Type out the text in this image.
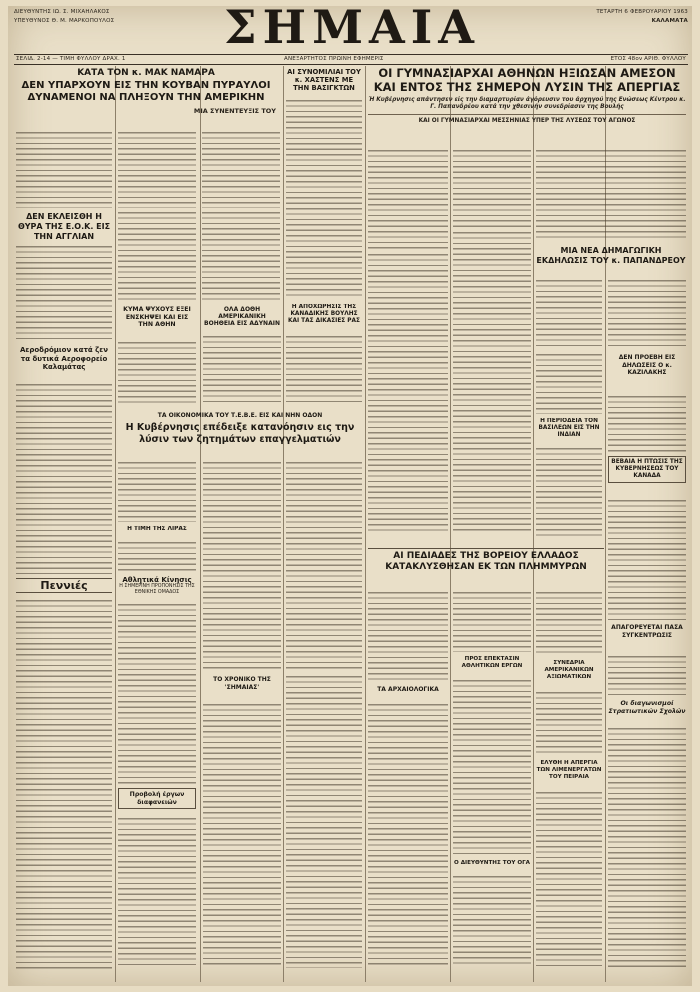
ΔΙΕΥΘΥΝΤΗΣ ΙΩ. Σ. ΜΙΧΑΗΛΑΚΟΣ
ΥΠΕΥΘΥΝΟΣ Θ. Μ. ΜΑΡΚΟΠΟΥΛΟΣ	ΣΗΜΑΙΑ	ΤΕΤΑΡΤΗ 6 ΦΕΒΡΟΥΑΡΙΟΥ 1963
ΚΑΛΑΜΑΤΑ
ΣΕΛΙΔ. 2-14 — ΤΙΜΗ ΦΥΛΛΟΥ ΔΡΑΧ. 1	ΑΝΕΞΑΡΤΗΤΟΣ ΠΡΩΙΝΗ ΕΦΗΜΕΡΙΣ	ΕΤΟΣ 48ον ΑΡΙΘ. ΦΥΛΛΟΥ
ΚΑΤΑ ΤΟΝ κ. ΜΑΚ ΝΑΜΑΡΑ
ΔΕΝ ΥΠΑΡΧΟΥΝ ΕΙΣ ΤΗΝ ΚΟΥΒΑΝ ΠΥΡΑΥΛΟΙ ΔΥΝΑΜΕΝΟΙ ΝΑ ΠΛΗΞΟΥΝ ΤΗΝ ΑΜΕΡΙΚΗΝ
ΜΙΑ ΣΥΝΕΝΤΕΥΞΙΣ ΤΟΥ
ΑΙ ΣΥΝΟΜΙΛΙΑΙ ΤΟΥ κ. ΧΑΣΤΕΝΣ ΜΕ ΤΗΝ ΒΑΣΙΓΚΤΩΝ
ΟΙ ΓΥΜΝΑΣΙΑΡΧΑΙ ΑΘΗΝΩΝ ΗΞΙΩΣΑΝ ΑΜΕΣΟΝ ΚΑΙ ΕΝΤΟΣ ΤΗΣ ΣΗΜΕΡΟΝ ΛΥΣΙΝ ΤΗΣ ΑΠΕΡΓΙΑΣ
Ή Κυβέρνησις απάντησεν είς την διαμαρτυρίαν άγόρευσιν του άρχηγού της Ενώσεως Κέντρου κ. Γ. Παπανδρέου κατά την χθεσινήν συνεδρίασιν της Βουλής
ΚΑΙ ΟΙ ΓΥΜΝΑΣΙΑΡΧΑΙ ΜΕΣΣΗΝΙΑΣ ΥΠΕΡ ΤΗΣ ΛΥΣΕΩΣ ΤΟΥ ΑΓΩΝΟΣ
ΔΕΝ ΕΚΛΕΙΣΘΗ Η ΘΥΡΑ ΤΗΣ Ε.Ο.Κ. ΕΙΣ ΤΗΝ ΑΓΓΛΙΑΝ
ΟΛΑ ΔΟΘΗ ΑΜΕΡΙΚΑΝΙΚΗ ΒΟΗΘΕΙΑ ΕΙΣ ΑΔΥΝΑΙΝ
Η ΑΠΟΧΩΡΗΣΙΣ ΤΗΣ ΚΑΝΑΔΙΚΗΣ ΒΟΥΛΗΣ ΚΑΙ ΤΑΣ ΔΙΚΑΣΙΕΣ ΡΑΣ
ΜΙΑ ΝΕΑ ΔΗΜΑΓΩΓΙΚΗ ΕΚΔΗΛΩΣΙΣ ΤΟΥ κ. ΠΑΠΑΝΔΡΕΟΥ
ΔΕΝ ΠΡΟΕΒΗ ΕΙΣ ΔΗΛΩΣΕΙΣ Ο κ. ΚΑΖΙΛΑΚΗΣ
Η ΠΕΡΙΟΔΕΙΑ ΤΟΝ ΒΑΣΙΛΕΩΝ ΕΙΣ ΤΗΝ ΙΝΔΙΑΝ
ΒΕΒΑΙΑ Η ΠΤΩΣΙΣ ΤΗΣ ΚΥΒΕΡΝΗΣΕΩΣ ΤΟΥ ΚΑΝΑΔΑ
Αεροδρόμιον κατά ζεν τα δυτικά Αεροφορείο Καλαμάτας
ΚΥΜΑ ΨΥΧΟΥΣ ΕΞΕΙ ΕΝΣΚΗΨΕΙ ΚΑΙ ΕΙΣ ΤΗΝ ΑΘΗΝ
ΤΑ ΟΙΚΟΝΟΜΙΚΑ ΤΟΥ Τ.Ε.Β.Ε. ΕΙΣ ΚΑΙ ΝΗΝ ΟΔΟΝ
Η Κυβέρνησις επέδειξε κατανόησιν εις την λύσιν των ζητημάτων επαγγελματιών
Η ΤΙΜΗ ΤΗΣ ΛΙΡΑΣ
Αθλητικά Κίνησις
Η ΣΗΜΕΡΙΝΗ ΠΡΟΠΟΝΗΣΙΣ ΤΗΣ ΕΘΝΙΚΗΣ ΟΜΑΔΟΣ
Πεννιές
ΑΙ ΠΕΔΙΑΔΕΣ ΤΗΣ ΒΟΡΕΙΟΥ ΕΛΛΑΔΟΣ ΚΑΤΑΚΛΥΣΘΗΣΑΝ ΕΚ ΤΩΝ ΠΛΗΜΜΥΡΩΝ
ΑΠΑΓΟΡΕΥΕΤΑΙ ΠΑΣΑ ΣΥΓΚΕΝΤΡΩΣΙΣ
Οι διαγωνισμοί Στρατιωτικών Σχολών
ΤΑ ΑΡΧΑΙΟΛΟΓΙΚΑ
ΠΡΟΣ ΕΠΕΚΤΑΣΙΝ ΑΘΛΗΤΙΚΩΝ ΕΡΓΩΝ
Ο ΔΙΕΥΘΥΝΤΗΣ ΤΟΥ ΟΓΑ
ΣΥΝΕΔΡΙΑ ΑΜΕΡΙΚΑΝΙΚΩΝ ΑΞΙΩΜΑΤΙΚΩΝ
ΕΛΥΘΗ Η ΑΠΕΡΓΙΑ ΤΩΝ ΛΙΜΕΝΕΡΓΑΤΩΝ ΤΟΥ ΠΕΙΡΑΙΑ
ΤΟ ΧΡΟΝΙΚΟ ΤΗΣ 'ΣΗΜΑΙΑΣ'
Προβολή έργων διαφανειών
